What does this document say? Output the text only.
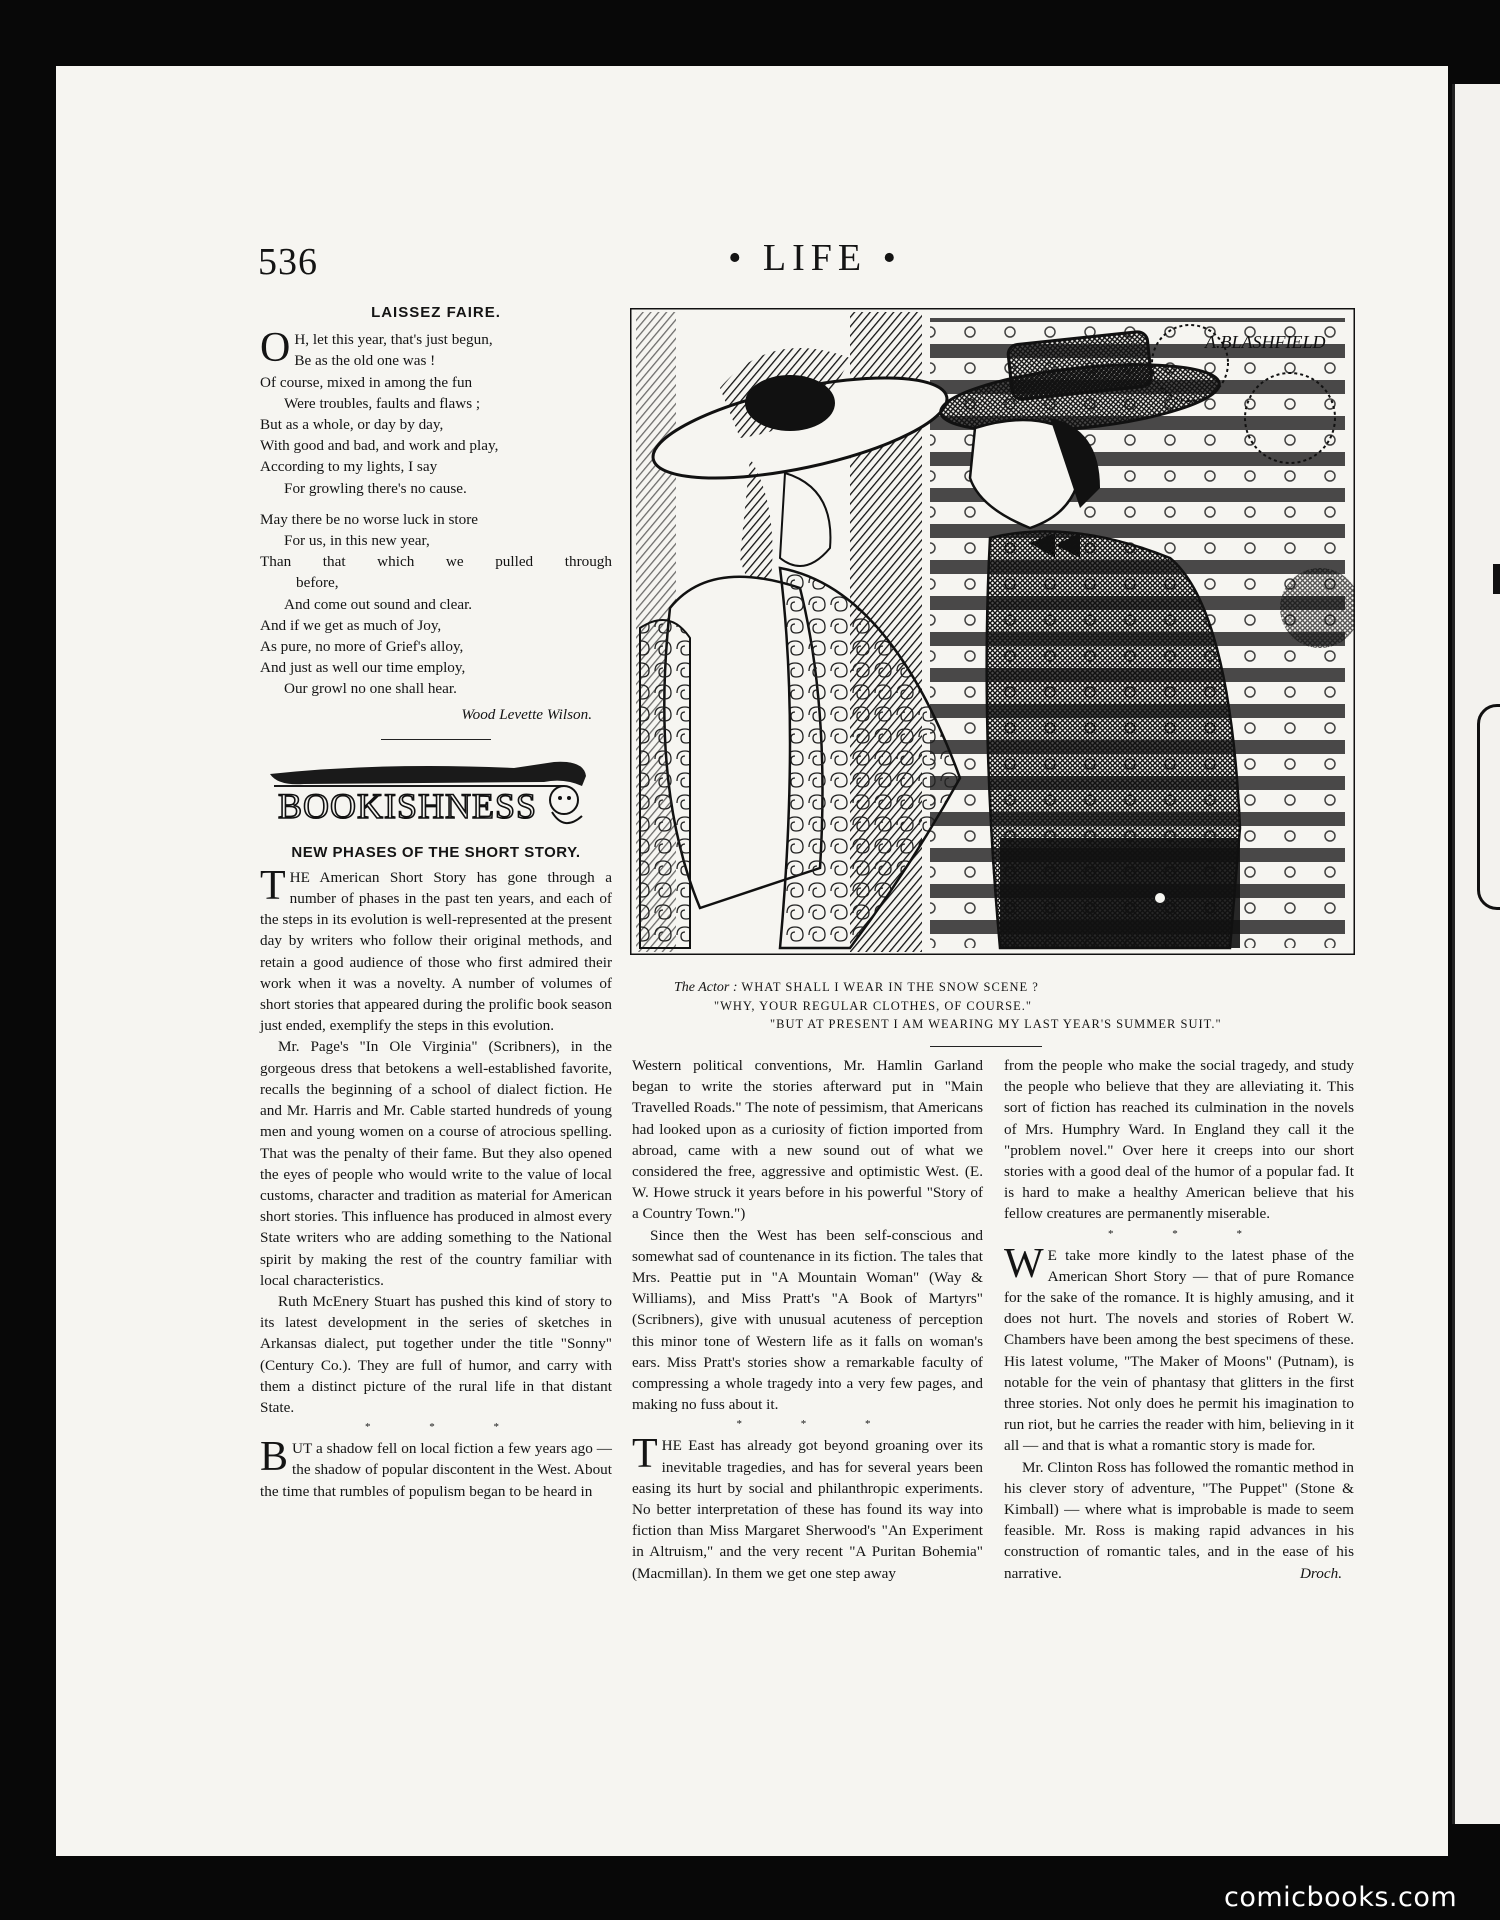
536	• LIFE •
LAISSEZ FAIRE.
O H, let this year, that's just begun,
Be as the old one was !
Of course, mixed in among the fun
Were troubles, faults and flaws ;
But as a whole, or day by day,
With good and bad, and work and play,
According to my lights, I say
For growling there's no cause.
May there be no worse luck in store
For us, in this new year,
Than that which we pulled through
before,
And come out sound and clear.
And if we get as much of Joy,
As pure, no more of Grief's alloy,
And just as well our time employ,
Our growl no one shall hear.
Wood Levette Wilson.
BOOKISHNESS
NEW PHASES OF THE SHORT STORY.

THE American Short Story has gone through a number of phases in the past ten years, and each of the steps in its evolution is well-represented at the present day by writers who follow their original methods, and retain a good audience of those who first admired their work when it was a novelty. A number of volumes of short stories that appeared during the prolific book season just ended, exemplify the steps in this evolution.

Mr. Page's "In Ole Virginia" (Scribners), in the gorgeous dress that betokens a well-established favorite, recalls the beginning of a school of dialect fiction. He and Mr. Harris and Mr. Cable started hundreds of young men and young women on a course of atrocious spelling. That was the penalty of their fame. But they also opened the eyes of people who would write to the value of local customs, character and tradition as material for American short stories. This influence has produced in almost every State writers who are adding something to the National spirit by making the rest of the country familiar with local characteristics.

Ruth McEnery Stuart has pushed this kind of story to its latest development in the series of sketches in Arkansas dialect, put together under the title "Sonny" (Century Co.). They are full of humor, and carry with them a distinct picture of the rural life in that distant State.

* * *

BUT a shadow fell on local fiction a few years ago — the shadow of popular discontent in the West. About the time that rumbles of populism began to be heard in

A.BLASHFIELD
The Actor : WHAT SHALL I WEAR IN THE SNOW SCENE ?
"WHY, YOUR REGULAR CLOTHES, OF COURSE."
"BUT AT PRESENT I AM WEARING MY LAST YEAR'S SUMMER SUIT."

Western political conventions, Mr. Hamlin Garland began to write the stories afterward put in "Main Travelled Roads." The note of pessimism, that Americans had looked upon as a curiosity of fiction imported from abroad, came with a new sound out of what we considered the free, aggressive and optimistic West. (E. W. Howe struck it years before in his powerful "Story of a Country Town.")

Since then the West has been self-conscious and somewhat sad of countenance in its fiction. The tales that Mrs. Peattie put in "A Mountain Woman" (Way & Williams), and Miss Pratt's "A Book of Martyrs" (Scribners), give with unusual acuteness of perception this minor tone of Western life as it falls on woman's ears. Miss Pratt's stories show a remarkable faculty of compressing a whole tragedy into a very few pages, and making no fuss about it.

* * *

THE East has already got beyond groaning over its inevitable tragedies, and has for several years been easing its hurt by social and philanthropic experiments. No better interpretation of these has found its way into fiction than Miss Margaret Sherwood's "An Experiment in Altruism," and the very recent "A Puritan Bohemia" (Macmillan). In them we get one step away

from the people who make the social tragedy, and study the people who believe that they are alleviating it. This sort of fiction has reached its culmination in the novels of Mrs. Humphry Ward. In England they call it the "problem novel." Over here it creeps into our short stories with a good deal of the humor of a popular fad. It is hard to make a healthy American believe that his fellow creatures are permanently miserable.

* * *

W E take more kindly to the latest phase of the American Short Story — that of pure Romance for the sake of the romance. It is highly amusing, and it does not hurt. The novels and stories of Robert W. Chambers have been among the best specimens of these. His latest volume, "The Maker of Moons" (Putnam), is notable for the vein of phantasy that glitters in the first three stories. Not only does he permit his imagination to run riot, but he carries the reader with him, believing in it all — and that is what a romantic story is made for.

Mr. Clinton Ross has followed the romantic method in his clever story of adventure, "The Puppet" (Stone & Kimball) — where what is improbable is made to seem feasible. Mr. Ross is making rapid advances in his construction of romantic tales, and in the ease of his narrative.	Droch.

comicbooks.com
